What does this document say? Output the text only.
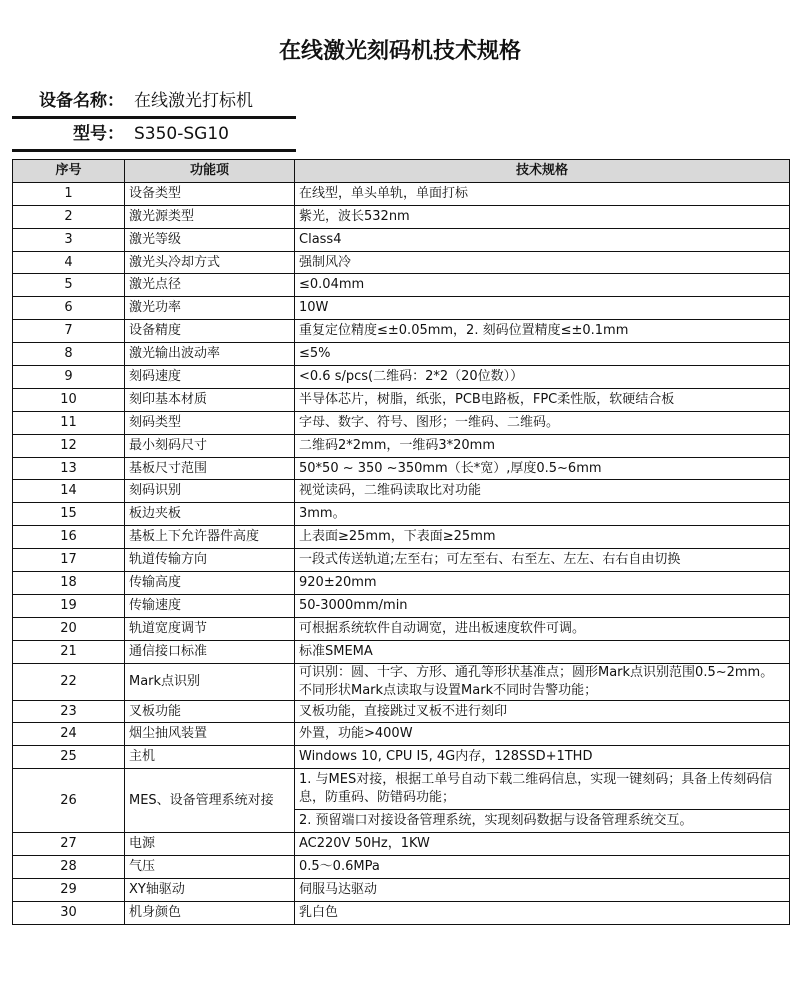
在线激光刻码机技术规格
设备名称： 在线激光打标机
型号： S350-SG10
序号	功能项	技术规格
1	设备类型	在线型，单头单轨，单面打标
2	激光源类型	紫光，波长532nm
3	激光等级	Class4
4	激光头冷却方式	强制风冷
5	激光点径	≤0.04mm
6	激光功率	10W
7	设备精度	重复定位精度≤±0.05mm，2. 刻码位置精度≤±0.1mm
8	激光输出波动率	≤5%
9	刻码速度	<0.6 s/pcs(二维码：2*2（20位数））
10	刻印基本材质	半导体芯片，树脂，纸张，PCB电路板，FPC柔性版，软硬结合板
11	刻码类型	字母、数字、符号、图形；一维码、二维码。
12	最小刻码尺寸	二维码2*2mm，一维码3*20mm
13	基板尺寸范围	50*50 ~ 350 ~350mm（长*宽）,厚度0.5~6mm
14	刻码识别	视觉读码，二维码读取比对功能
15	板边夹板	3mm。
16	基板上下允许器件高度	上表面≥25mm，下表面≥25mm
17	轨道传输方向	一段式传送轨道;左至右；可左至右、右至左、左左、右右自由切换
18	传输高度	920±20mm
19	传输速度	50-3000mm/min
20	轨道宽度调节	可根据系统软件自动调宽，进出板速度软件可调。
21	通信接口标准	标准SMEMA
22	Mark点识别	可识别：圆、十字、方形、通孔等形状基准点；圆形Mark点识别范围0.5~2mm。不同形状Mark点读取与设置Mark不同时告警功能；
23	叉板功能	叉板功能，直接跳过叉板不进行刻印
24	烟尘抽风装置	外置，功能>400W
25	主机	Windows 10, CPU I5, 4G内存，128SSD+1THD
26	MES、设备管理系统对接	1. 与MES对接，根据工单号自动下载二维码信息，实现一键刻码；具备上传刻码信息，防重码、防错码功能；
2. 预留端口对接设备管理系统，实现刻码数据与设备管理系统交互。

27	电源	AC220V 50Hz，1KW
28	气压	0.5～0.6MPa
29	XY轴驱动	伺服马达驱动
30	机身颜色	乳白色
